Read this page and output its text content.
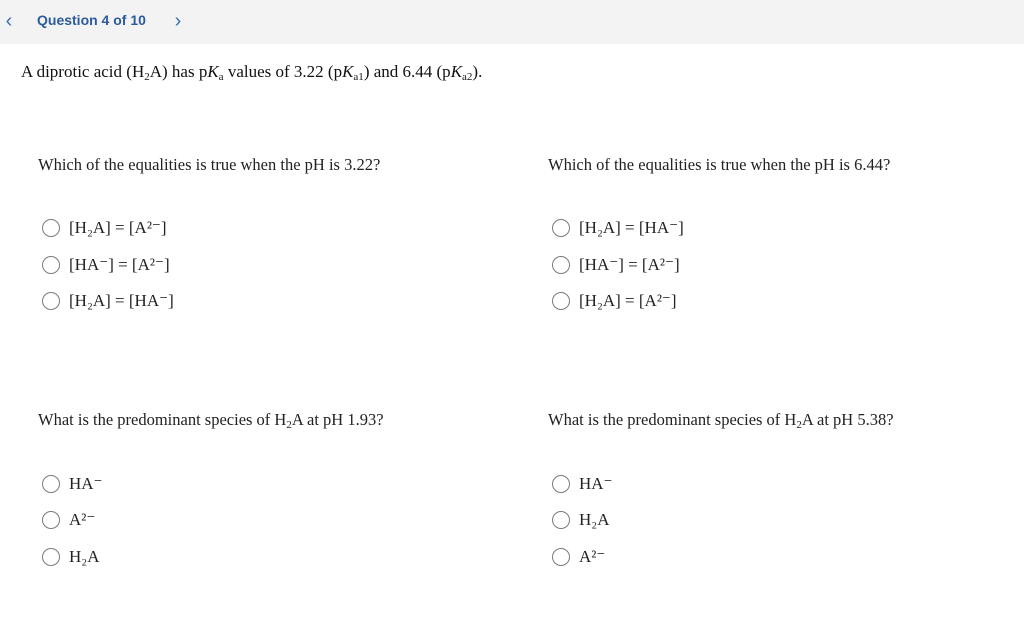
‹	Question 4 of 10	›
A diprotic acid (H2A) has pKa values of 3.22 (pKa1) and 6.44 (pKa2).
Which of the equalities is true when the pH is 3.22?
[H₂A] = [A²⁻]
[HA⁻] = [A²⁻]
[H₂A] = [HA⁻]
Which of the equalities is true when the pH is 6.44?
[H₂A] = [HA⁻]
[HA⁻] = [A²⁻]
[H₂A] = [A²⁻]
What is the predominant species of H2A at pH 1.93?
HA⁻
A²⁻
H₂A
What is the predominant species of H2A at pH 5.38?
HA⁻
H₂A
A²⁻
